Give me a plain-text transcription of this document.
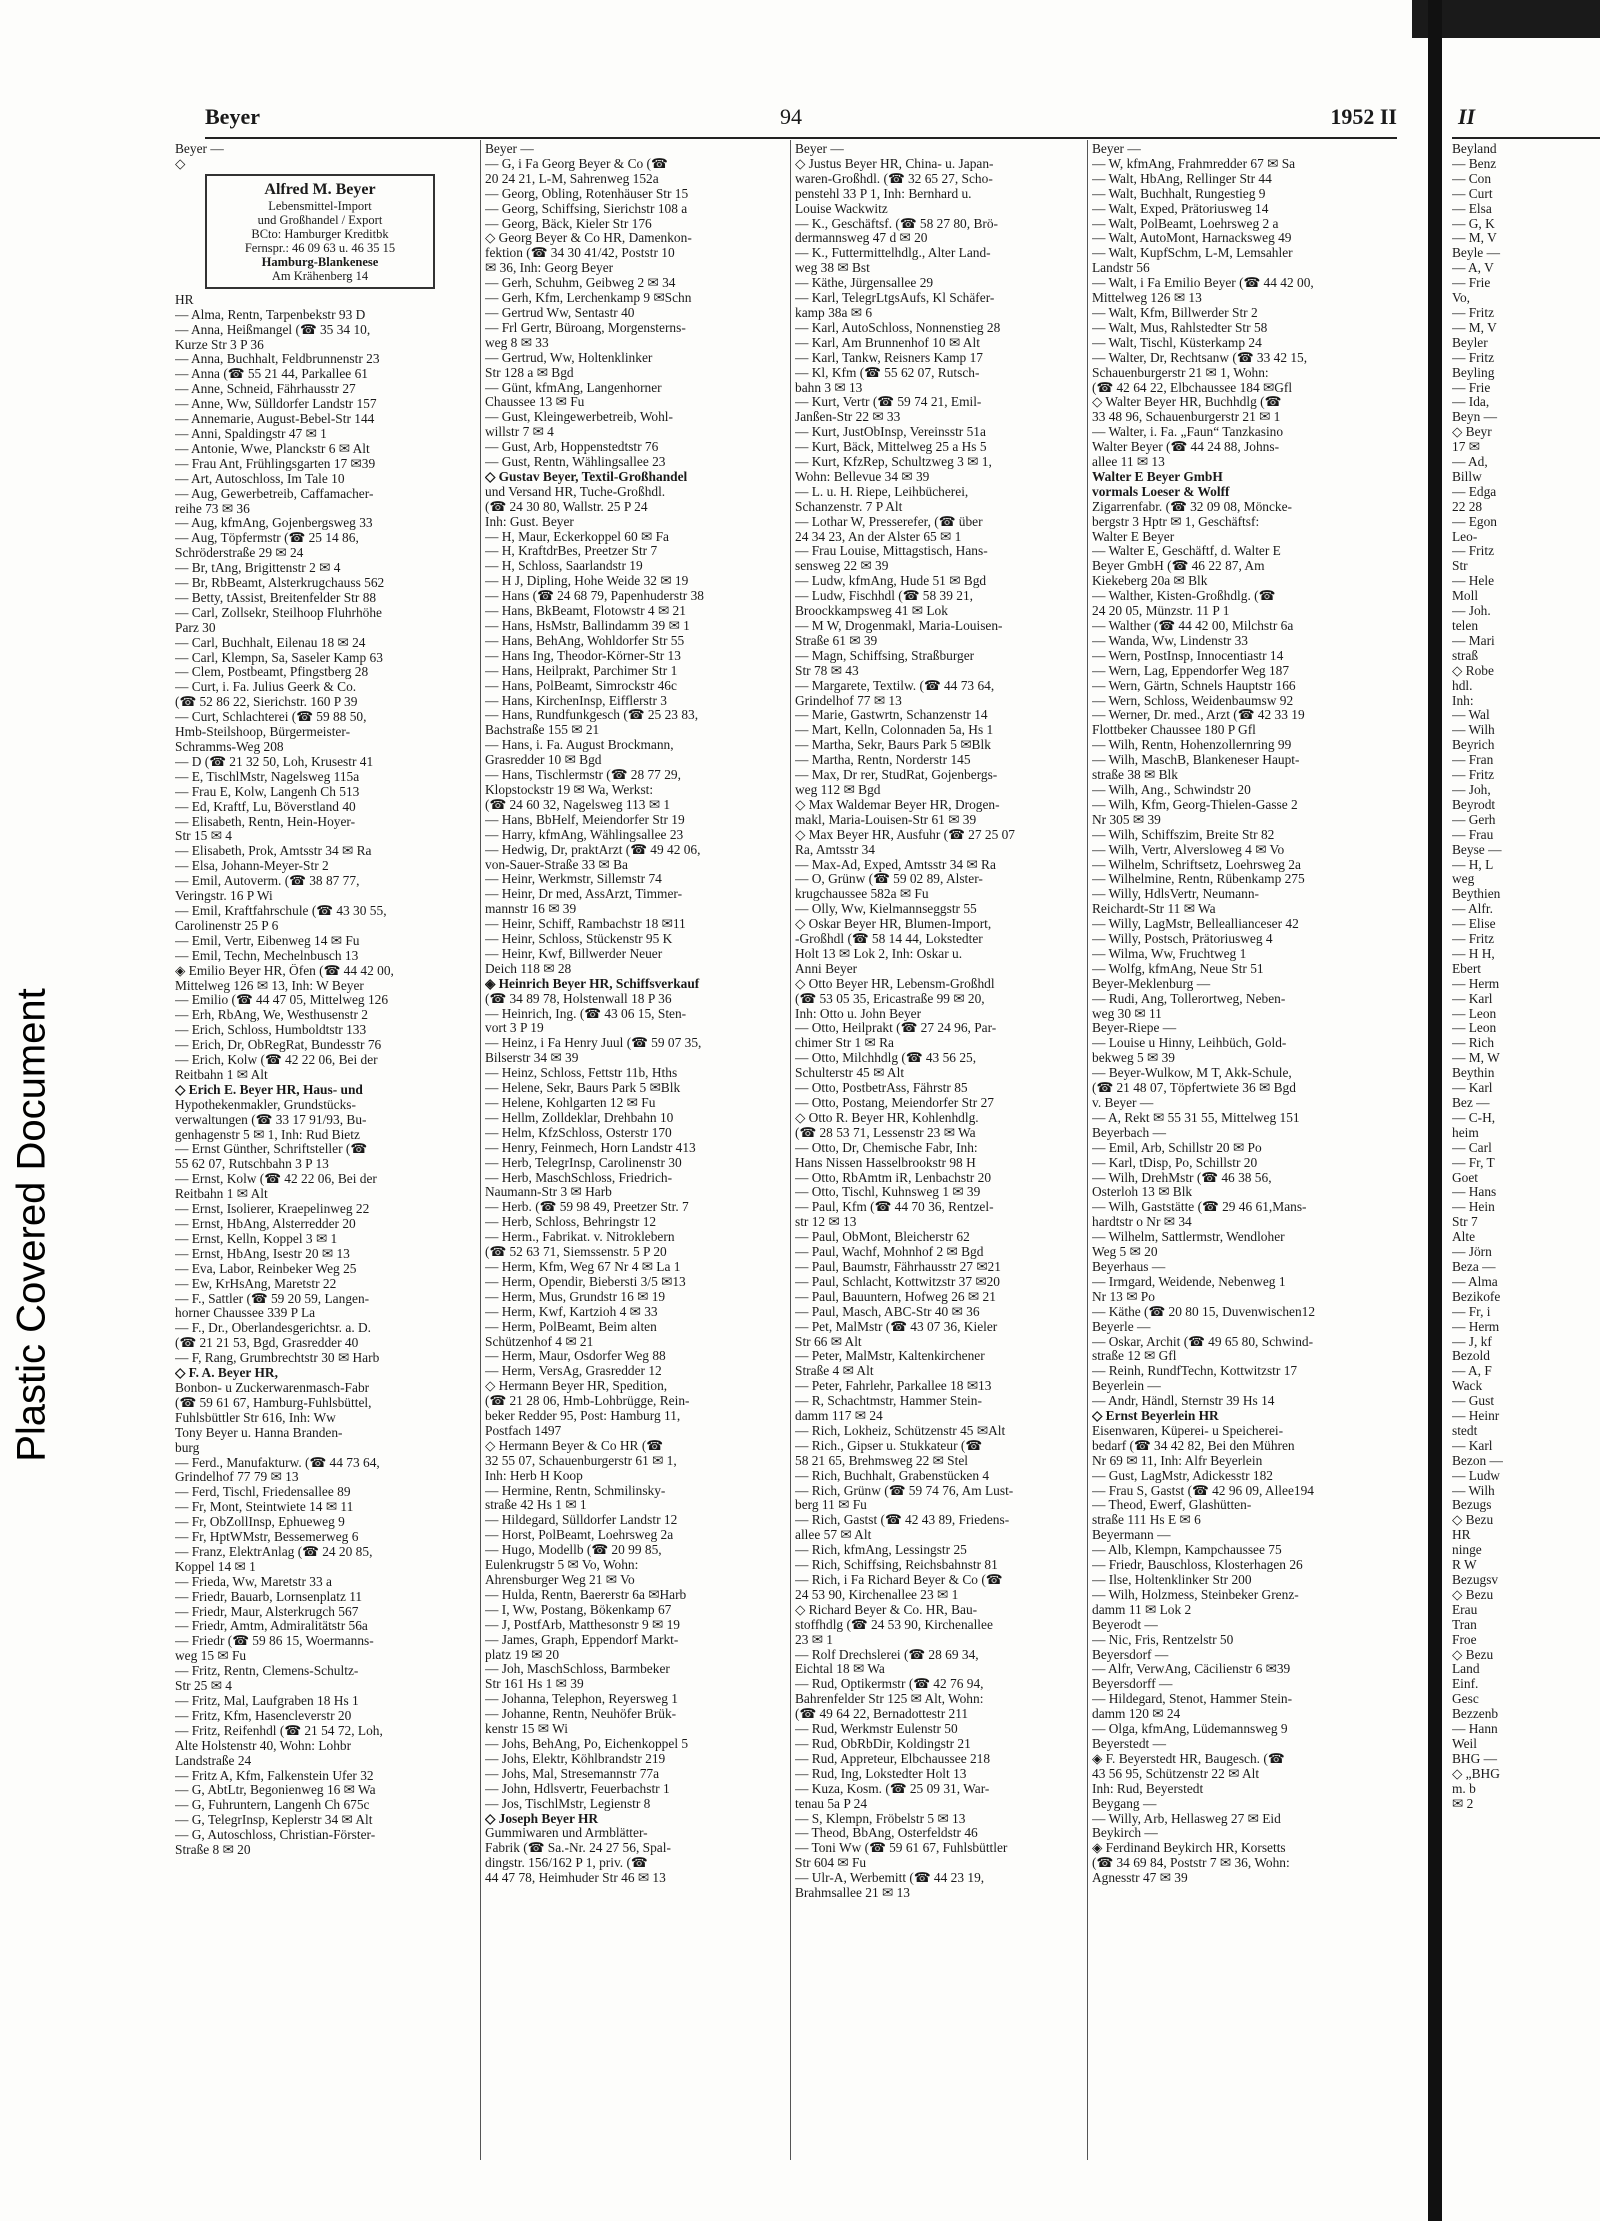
Plastic Covered Document
Beyer	94	1952 II	II
Beyer —
◇
Alfred M. Beyer
Lebensmittel-Import
und Großhandel / Export
BCto: Hamburger Kreditbk
Fernspr.: 46 09 63 u. 46 35 15
Hamburg-Blankenese
Am Krähenberg 14
HR
— Alma, Rentn, Tarpenbekstr 93 D
— Anna, Heißmangel (☎ 35 34 10,
Kurze Str 3 P 36
— Anna, Buchhalt, Feldbrunnenstr 23
— Anna (☎ 55 21 44, Parkallee 61
— Anne, Schneid, Fährhausstr 27
— Anne, Ww, Sülldorfer Landstr 157
— Annemarie, August-Bebel-Str 144
— Anni, Spaldingstr 47 ✉ 1
— Antonie, Wwe, Planckstr 6 ✉ Alt
— Frau Ant, Frühlingsgarten 17 ✉39
— Art, Autoschloss, Im Tale 10
— Aug, Gewerbetreib, Caffamacher-
reihe 73 ✉ 36
— Aug, kfmAng, Gojenbergsweg 33
— Aug, Töpfermstr (☎ 25 14 86,
Schröderstraße 29 ✉ 24
— Br, tAng, Brigittenstr 2 ✉ 4
— Br, RbBeamt, Alsterkrugchauss 562
— Betty, tAssist, Breitenfelder Str 88
— Carl, Zollsekr, Steilhoop Fluhrhöhe
Parz 30
— Carl, Buchhalt, Eilenau 18 ✉ 24
— Carl, Klempn, Sa, Saseler Kamp 63
— Clem, Postbeamt, Pfingstberg 28
— Curt, i. Fa. Julius Geerk & Co.
(☎ 52 86 22, Sierichstr. 160 P 39
— Curt, Schlachterei (☎ 59 88 50,
Hmb-Steilshoop, Bürgermeister-
Schramms-Weg 208
— D (☎ 21 32 50, Loh, Krusestr 41
— E, TischlMstr, Nagelsweg 115a
— Frau E, Kolw, Langenh Ch 513
— Ed, Kraftf, Lu, Böverstland 40
— Elisabeth, Rentn, Hein-Hoyer-
Str 15 ✉ 4
— Elisabeth, Prok, Amtsstr 34 ✉ Ra
— Elsa, Johann-Meyer-Str 2
— Emil, Autoverm. (☎ 38 87 77,
Veringstr. 16 P Wi
— Emil, Kraftfahrschule (☎ 43 30 55,
Carolinenstr 25 P 6
— Emil, Vertr, Eibenweg 14 ✉ Fu
— Emil, Techn, Mechelnbusch 13
◈ Emilio Beyer HR, Öfen (☎ 44 42 00,
Mittelweg 126 ✉ 13, Inh: W Beyer
— Emilio (☎ 44 47 05, Mittelweg 126
— Erh, RbAng, We, Westhusenstr 2
— Erich, Schloss, Humboldtstr 133
— Erich, Dr, ObRegRat, Bundesstr 76
— Erich, Kolw (☎ 42 22 06, Bei der
Reitbahn 1 ✉ Alt
◇ Erich E. Beyer HR, Haus- und
Hypothekenmakler, Grundstücks-
verwaltungen (☎ 33 17 91/93, Bu-
genhagenstr 5 ✉ 1, Inh: Rud Bietz
— Ernst Günther, Schriftsteller (☎
55 62 07, Rutschbahn 3 P 13
— Ernst, Kolw (☎ 42 22 06, Bei der
Reitbahn 1 ✉ Alt
— Ernst, Isolierer, Kraepelinweg 22
— Ernst, HbAng, Alsterredder 20
— Ernst, Kelln, Koppel 3 ✉ 1
— Ernst, HbAng, Isestr 20 ✉ 13
— Eva, Labor, Reinbeker Weg 25
— Ew, KrHsAng, Maretstr 22
— F., Sattler (☎ 59 20 59, Langen-
horner Chaussee 339 P La
— F., Dr., Oberlandesgerichtsr. a. D.
(☎ 21 21 53, Bgd, Grasredder 40
— F, Rang, Grumbrechtstr 30 ✉ Harb
◇ F. A. Beyer HR,
Bonbon- u Zuckerwarenmasch-Fabr
(☎ 59 61 67, Hamburg-Fuhlsbüttel,
Fuhlsbüttler Str 616, Inh: Ww
Tony Beyer u. Hanna Branden-
burg
— Ferd., Manufakturw. (☎ 44 73 64,
Grindelhof 77 79 ✉ 13
— Ferd, Tischl, Friedensallee 89
— Fr, Mont, Steintwiete 14 ✉ 11
— Fr, ObZollInsp, Ephueweg 9
— Fr, HptWMstr, Bessemerweg 6
— Franz, ElektrAnlag (☎ 24 20 85,
Koppel 14 ✉ 1
— Frieda, Ww, Maretstr 33 a
— Friedr, Bauarb, Lornsenplatz 11
— Friedr, Maur, Alsterkrugch 567
— Friedr, Amtm, Admiralitätstr 56a
— Friedr (☎ 59 86 15, Woermanns-
weg 15 ✉ Fu
— Fritz, Rentn, Clemens-Schultz-
Str 25 ✉ 4
— Fritz, Mal, Laufgraben 18 Hs 1
— Fritz, Kfm, Hasencleverstr 20
— Fritz, Reifenhdl (☎ 21 54 72, Loh,
Alte Holstenstr 40, Wohn: Lohbr
Landstraße 24
— Fritz A, Kfm, Falkenstein Ufer 32
— G, AbtLtr, Begonienweg 16 ✉ Wa
— G, Fuhruntern, Langenh Ch 675c
— G, TelegrInsp, Keplerstr 34 ✉ Alt
— G, Autoschloss, Christian-Förster-
Straße 8 ✉ 20
Beyer —
— G, i Fa Georg Beyer & Co (☎
20 24 21, L-M, Sahrenweg 152a
— Georg, Obling, Rotenhäuser Str 15
— Georg, Schiffsing, Sierichstr 108 a
— Georg, Bäck, Kieler Str 176
◇ Georg Beyer & Co HR, Damenkon-
fektion (☎ 34 30 41/42, Poststr 10
✉ 36, Inh: Georg Beyer
— Gerh, Schuhm, Geibweg 2 ✉ 34
— Gerh, Kfm, Lerchenkamp 9 ✉Schn
— Gertrud Ww, Sentastr 40
— Frl Gertr, Büroang, Morgensterns-
weg 8 ✉ 33
— Gertrud, Ww, Holtenklinker
Str 128 a ✉ Bgd
— Günt, kfmAng, Langenhorner
Chaussee 13 ✉ Fu
— Gust, Kleingewerbetreib, Wohl-
willstr 7 ✉ 4
— Gust, Arb, Hoppenstedtstr 76
— Gust, Rentn, Wählingsallee 23
◇ Gustav Beyer, Textil-Großhandel
und Versand HR, Tuche-Großhdl.
(☎ 24 30 80, Wallstr. 25 P 24
Inh: Gust. Beyer
— H, Maur, Eckerkoppel 60 ✉ Fa
— H, KraftdrBes, Preetzer Str 7
— H, Schloss, Saarlandstr 19
— H J, Dipling, Hohe Weide 32 ✉ 19
— Hans (☎ 24 68 79, Papenhuderstr 38
— Hans, BkBeamt, Flotowstr 4 ✉ 21
— Hans, HsMstr, Ballindamm 39 ✉ 1
— Hans, BehAng, Wohldorfer Str 55
— Hans Ing, Theodor-Körner-Str 13
— Hans, Heilprakt, Parchimer Str 1
— Hans, PolBeamt, Simrockstr 46c
— Hans, KirchenInsp, Eifflerstr 3
— Hans, Rundfunkgesch (☎ 25 23 83,
Bachstraße 155 ✉ 21
— Hans, i. Fa. August Brockmann,
Grasredder 10 ✉ Bgd
— Hans, Tischlermstr (☎ 28 77 29,
Klopstockstr 19 ✉ Wa, Werkst:
(☎ 24 60 32, Nagelsweg 113 ✉ 1
— Hans, BbHelf, Meiendorfer Str 19
— Harry, kfmAng, Wählingsallee 23
— Hedwig, Dr, praktArzt (☎ 49 42 06,
von-Sauer-Straße 33 ✉ Ba
— Heinr, Werkmstr, Sillemstr 74
— Heinr, Dr med, AssArzt, Timmer-
mannstr 16 ✉ 39
— Heinr, Schiff, Rambachstr 18 ✉11
— Heinr, Schloss, Stückenstr 95 K
— Heinr, Kwf, Billwerder Neuer
Deich 118 ✉ 28
◈ Heinrich Beyer HR, Schiffsverkauf
(☎ 34 89 78, Holstenwall 18 P 36
— Heinrich, Ing. (☎ 43 06 15, Sten-
vort 3 P 19
— Heinz, i Fa Henry Juul (☎ 59 07 35,
Bilserstr 34 ✉ 39
— Heinz, Schloss, Fettstr 11b, Hths
— Helene, Sekr, Baurs Park 5 ✉Blk
— Helene, Kohlgarten 12 ✉ Fu
— Hellm, Zolldeklar, Drehbahn 10
— Helm, KfzSchloss, Osterstr 170
— Henry, Feinmech, Horn Landstr 413
— Herb, TelegrInsp, Carolinenstr 30
— Herb, MaschSchloss, Friedrich-
Naumann-Str 3 ✉ Harb
— Herb. (☎ 59 98 49, Preetzer Str. 7
— Herb, Schloss, Behringstr 12
— Herm., Fabrikat. v. Nitroklebern
(☎ 52 63 71, Siemssenstr. 5 P 20
— Herm, Kfm, Weg 67 Nr 4 ✉ La 1
— Herm, Opendir, Biebersti 3/5 ✉13
— Herm, Mus, Grundstr 16 ✉ 19
— Herm, Kwf, Kartzioh 4 ✉ 33
— Herm, PolBeamt, Beim alten
Schützenhof 4 ✉ 21
— Herm, Maur, Osdorfer Weg 88
— Herm, VersAg, Grasredder 12
◇ Hermann Beyer HR, Spedition,
(☎ 21 28 06, Hmb-Lohbrügge, Rein-
beker Redder 95, Post: Hamburg 11,
Postfach 1497
◇ Hermann Beyer & Co HR (☎
32 55 07, Schauenburgerstr 61 ✉ 1,
Inh: Herb H Koop
— Hermine, Rentn, Schmilinsky-
straße 42 Hs 1 ✉ 1
— Hildegard, Sülldorfer Landstr 12
— Horst, PolBeamt, Loehrsweg 2a
— Hugo, Modellb (☎ 20 99 85,
Eulenkrugstr 5 ✉ Vo, Wohn:
Ahrensburger Weg 21 ✉ Vo
— Hulda, Rentn, Baererstr 6a ✉Harb
— I, Ww, Postang, Bökenkamp 67
— J, PostfArb, Matthesonstr 9 ✉ 19
— James, Graph, Eppendorf Markt-
platz 19 ✉ 20
— Joh, MaschSchloss, Barmbeker
Str 161 Hs 1 ✉ 39
— Johanna, Telephon, Reyersweg 1
— Johanne, Rentn, Neuhöfer Brük-
kenstr 15 ✉ Wi
— Johs, BehAng, Po, Eichenkoppel 5
— Johs, Elektr, Köhlbrandstr 219
— Johs, Mal, Stresemannstr 77a
— John, Hdlsvertr, Feuerbachstr 1
— Jos, TischlMstr, Legienstr 8
◇ Joseph Beyer HR
Gummiwaren und Armblätter-
Fabrik (☎ Sa.-Nr. 24 27 56, Spal-
dingstr. 156/162 P 1, priv. (☎
44 47 78, Heimhuder Str 46 ✉ 13
Beyer —
◇ Justus Beyer HR, China- u. Japan-
waren-Großhdl. (☎ 32 65 27, Scho-
penstehl 33 P 1, Inh: Bernhard u.
Louise Wackwitz
— K., Geschäftsf. (☎ 58 27 80, Brö-
dermannsweg 47 d ✉ 20
— K., Futtermittelhdlg., Alter Land-
weg 38 ✉ Bst
— Käthe, Jürgensallee 29
— Karl, TelegrLtgsAufs, Kl Schäfer-
kamp 38a ✉ 6
— Karl, AutoSchloss, Nonnenstieg 28
— Karl, Am Brunnenhof 10 ✉ Alt
— Karl, Tankw, Reisners Kamp 17
— Kl, Kfm (☎ 55 62 07, Rutsch-
bahn 3 ✉ 13
— Kurt, Vertr (☎ 59 74 21, Emil-
Janßen-Str 22 ✉ 33
— Kurt, JustObInsp, Vereinsstr 51a
— Kurt, Bäck, Mittelweg 25 a Hs 5
— Kurt, KfzRep, Schultzweg 3 ✉ 1,
Wohn: Bellevue 34 ✉ 39
— L. u. H. Riepe, Leihbücherei,
Schanzenstr. 7 P Alt
— Lothar W, Presserefer, (☎ über
24 34 23, An der Alster 65 ✉ 1
— Frau Louise, Mittagstisch, Hans-
sensweg 22 ✉ 39
— Ludw, kfmAng, Hude 51 ✉ Bgd
— Ludw, Fischhdl (☎ 58 39 21,
Broockkampsweg 41 ✉ Lok
— M W, Drogenmakl, Maria-Louisen-
Straße 61 ✉ 39
— Magn, Schiffsing, Straßburger
Str 78 ✉ 43
— Margarete, Textilw. (☎ 44 73 64,
Grindelhof 77 ✉ 13
— Marie, Gastwrtn, Schanzenstr 14
— Mart, Kelln, Colonnaden 5a, Hs 1
— Martha, Sekr, Baurs Park 5 ✉Blk
— Martha, Rentn, Norderstr 145
— Max, Dr rer, StudRat, Gojenbergs-
weg 112 ✉ Bgd
◇ Max Waldemar Beyer HR, Drogen-
makl, Maria-Louisen-Str 61 ✉ 39
◇ Max Beyer HR, Ausfuhr (☎ 27 25 07
Ra, Amtsstr 34
— Max-Ad, Exped, Amtsstr 34 ✉ Ra
— O, Grünw (☎ 59 02 89, Alster-
krugchaussee 582a ✉ Fu
— Olly, Ww, Kielmannseggstr 55
◇ Oskar Beyer HR, Blumen-Import,
-Großhdl (☎ 58 14 44, Lokstedter
Holt 13 ✉ Lok 2, Inh: Oskar u.
Anni Beyer
◇ Otto Beyer HR, Lebensm-Großhdl
(☎ 53 05 35, Ericastraße 99 ✉ 20,
Inh: Otto u. John Beyer
— Otto, Heilprakt (☎ 27 24 96, Par-
chimer Str 1 ✉ Ra
— Otto, Milchhdlg (☎ 43 56 25,
Schulterstr 45 ✉ Alt
— Otto, PostbetrAss, Fährstr 85
— Otto, Postang, Meiendorfer Str 27
◇ Otto R. Beyer HR, Kohlenhdlg.
(☎ 28 53 71, Lessenstr 23 ✉ Wa
— Otto, Dr, Chemische Fabr, Inh:
Hans Nissen Hasselbrookstr 98 H
— Otto, RbAmtm iR, Lenbachstr 20
— Otto, Tischl, Kuhnsweg 1 ✉ 39
— Paul, Kfm (☎ 44 70 36, Rentzel-
str 12 ✉ 13
— Paul, ObMont, Bleicherstr 62
— Paul, Wachf, Mohnhof 2 ✉ Bgd
— Paul, Baumstr, Fährhausstr 27 ✉21
— Paul, Schlacht, Kottwitzstr 37 ✉20
— Paul, Bauuntern, Hofweg 26 ✉ 21
— Paul, Masch, ABC-Str 40 ✉ 36
— Pet, MalMstr (☎ 43 07 36, Kieler
Str 66 ✉ Alt
— Peter, MalMstr, Kaltenkirchener
Straße 4 ✉ Alt
— Peter, Fahrlehr, Parkallee 18 ✉13
— R, Schachtmstr, Hammer Stein-
damm 117 ✉ 24
— Rich, Lokheiz, Schützenstr 45 ✉Alt
— Rich., Gipser u. Stukkateur (☎
58 21 65, Brehmsweg 22 ✉ Stel
— Rich, Buchhalt, Grabenstücken 4
— Rich, Grünw (☎ 59 74 76, Am Lust-
berg 11 ✉ Fu
— Rich, Gastst (☎ 42 43 89, Friedens-
allee 57 ✉ Alt
— Rich, kfmAng, Lessingstr 25
— Rich, Schiffsing, Reichsbahnstr 81
— Rich, i Fa Richard Beyer & Co (☎
24 53 90, Kirchenallee 23 ✉ 1
◇ Richard Beyer & Co. HR, Bau-
stoffhdlg (☎ 24 53 90, Kirchenallee
23 ✉ 1
— Rolf Drechslerei (☎ 28 69 34,
Eichtal 18 ✉ Wa
— Rud, Optikermstr (☎ 42 76 94,
Bahrenfelder Str 125 ✉ Alt, Wohn:
(☎ 49 64 22, Bernadottestr 211
— Rud, Werkmstr Eulenstr 50
— Rud, ObRbDir, Koldingstr 21
— Rud, Appreteur, Elbchaussee 218
— Rud, Ing, Lokstedter Holt 13
— Kuza, Kosm. (☎ 25 09 31, War-
tenau 5a P 24
— S, Klempn, Fröbelstr 5 ✉ 13
— Theod, BbAng, Osterfeldstr 46
— Toni Ww (☎ 59 61 67, Fuhlsbüttler
Str 604 ✉ Fu
— Ulr-A, Werbemitt (☎ 44 23 19,
Brahmsallee 21 ✉ 13
Beyer —
— W, kfmAng, Frahmredder 67 ✉ Sa
— Walt, HbAng, Rellinger Str 44
— Walt, Buchhalt, Rungestieg 9
— Walt, Exped, Prätoriusweg 14
— Walt, PolBeamt, Loehrsweg 2 a
— Walt, AutoMont, Harnacksweg 49
— Walt, KupfSchm, L-M, Lemsahler
Landstr 56
— Walt, i Fa Emilio Beyer (☎ 44 42 00,
Mittelweg 126 ✉ 13
— Walt, Kfm, Billwerder Str 2
— Walt, Mus, Rahlstedter Str 58
— Walt, Tischl, Küsterkamp 24
— Walter, Dr, Rechtsanw (☎ 33 42 15,
Schauenburgerstr 21 ✉ 1, Wohn:
(☎ 42 64 22, Elbchaussee 184 ✉Gfl
◇ Walter Beyer HR, Buchhdlg (☎
33 48 96, Schauenburgerstr 21 ✉ 1
— Walter, i. Fa. „Faun“ Tanzkasino
Walter Beyer (☎ 44 24 88, Johns-
allee 11 ✉ 13
Walter E Beyer GmbH
vormals Loeser & Wolff
Zigarrenfabr. (☎ 32 09 08, Möncke-
bergstr 3 Hptr ✉ 1, Geschäftsf:
Walter E Beyer
— Walter E, Geschäftf, d. Walter E
Beyer GmbH (☎ 46 22 87, Am
Kiekeberg 20a ✉ Blk
— Walther, Kisten-Großhdlg. (☎
24 20 05, Münzstr. 11 P 1
— Walther (☎ 44 42 00, Milchstr 6a
— Wanda, Ww, Lindenstr 33
— Wern, PostInsp, Innocentiastr 14
— Wern, Lag, Eppendorfer Weg 187
— Wern, Gärtn, Schnels Hauptstr 166
— Wern, Schloss, Weidenbaumsw 92
— Werner, Dr. med., Arzt (☎ 42 33 19
Flottbeker Chaussee 180 P Gfl
— Wilh, Rentn, Hohenzollernring 99
— Wilh, MaschB, Blankeneser Haupt-
straße 38 ✉ Blk
— Wilh, Ang., Schwindstr 20
— Wilh, Kfm, Georg-Thielen-Gasse 2
Nr 305 ✉ 39
— Wilh, Schiffszim, Breite Str 82
— Wilh, Vertr, Alversloweg 4 ✉ Vo
— Wilhelm, Schriftsetz, Loehrsweg 2a
— Wilhelmine, Rentn, Rübenkamp 275
— Willy, HdlsVertr, Neumann-
Reichardt-Str 11 ✉ Wa
— Willy, LagMstr, Belleallianceser 42
— Willy, Postsch, Prätoriusweg 4
— Wilma, Ww, Fruchtweg 1
— Wolfg, kfmAng, Neue Str 51
Beyer-Meklenburg —
— Rudi, Ang, Tollerortweg, Neben-
weg 30 ✉ 11
Beyer-Riepe —
— Louise u Hinny, Leihbüch, Gold-
bekweg 5 ✉ 39
— Beyer-Wulkow, M T, Akk-Schule,
(☎ 21 48 07, Töpfertwiete 36 ✉ Bgd
v. Beyer —
— A, Rekt ✉ 55 31 55, Mittelweg 151
Beyerbach —
— Emil, Arb, Schillstr 20 ✉ Po
— Karl, tDisp, Po, Schillstr 20
— Wilh, DrehMstr (☎ 46 38 56,
Osterloh 13 ✉ Blk
— Wilh, Gaststätte (☎ 29 46 61,Mans-
hardtstr o Nr ✉ 34
— Wilhelm, Sattlermstr, Wendloher
Weg 5 ✉ 20
Beyerhaus —
— Irmgard, Weidende, Nebenweg 1
Nr 13 ✉ Po
— Käthe (☎ 20 80 15, Duvenwischen12
Beyerle —
— Oskar, Archit (☎ 49 65 80, Schwind-
straße 12 ✉ Gfl
— Reinh, RundfTechn, Kottwitzstr 17
Beyerlein —
— Andr, Händl, Sternstr 39 Hs 14
◇ Ernst Beyerlein HR
Eisenwaren, Küperei- u Speicherei-
bedarf (☎ 34 42 82, Bei den Mühren
Nr 69 ✉ 11, Inh: Alfr Beyerlein
— Gust, LagMstr, Adickesstr 182
— Frau S, Gastst (☎ 42 96 09, Allee194
— Theod, Ewerf, Glashütten-
straße 111 Hs E ✉ 6
Beyermann —
— Alb, Klempn, Kampchaussee 75
— Friedr, Bauschloss, Klosterhagen 26
— Ilse, Holtenklinker Str 200
— Wilh, Holzmess, Steinbeker Grenz-
damm 11 ✉ Lok 2
Beyerodt —
— Nic, Fris, Rentzelstr 50
Beyersdorf —
— Alfr, VerwAng, Cäcilienstr 6 ✉39
Beyersdorff —
— Hildegard, Stenot, Hammer Stein-
damm 120 ✉ 24
— Olga, kfmAng, Lüdemannsweg 9
Beyerstedt —
◈ F. Beyerstedt HR, Baugesch. (☎
43 56 95, Schützenstr 22 ✉ Alt
Inh: Rud, Beyerstedt
Beygang —
— Willy, Arb, Hellasweg 27 ✉ Eid
Beykirch —
◈ Ferdinand Beykirch HR, Korsetts
(☎ 34 69 84, Poststr 7 ✉ 36, Wohn:
Agnesstr 47 ✉ 39
Beyland
— Benz
— Con
— Curt
— Elsa
— G, K
— M, V
Beyle —
— A, V
— Frie
Vo,
— Fritz
— M, V
Beyler
— Fritz
Beyling
— Frie
— Ida,
Beyn —
◇ Beyr
17 ✉
— Ad,
Billw
— Edga
22 28
— Egon
Leo-
— Fritz
Str
— Hele
Moll
— Joh.
telen
— Mari
straß
◇ Robe
hdl.
Inh:
— Wal
— Wilh
Beyrich
— Fran
— Fritz
— Joh,
Beyrodt
— Gerh
— Frau
Beyse —
— H, L
weg
Beythien
— Alfr.
— Elise
— Fritz
— H H,
Ebert
— Herm
— Karl
— Leon
— Leon
— Rich
— M, W
Beythin
— Karl
Bez —
— C-H,
heim
— Carl
— Fr, T
Goet
— Hans
— Hein
Str 7
Alte
— Jörn
Beza —
— Alma
Bezikofe
— Fr, i
— Herm
— J, kf
Bezold
— A, F
Wack
— Gust
— Heinr
stedt
— Karl
Bezon —
— Ludw
— Wilh
Bezugs
◇ Bezu
HR
ninge
R W
Bezugsv
◇ Bezu
Erau
Tran
Froe
◇ Bezu
Land
Einf.
Gesc
Bezzenb
— Hann
Weil
BHG —
◇ „BHG
m. b
✉ 2
